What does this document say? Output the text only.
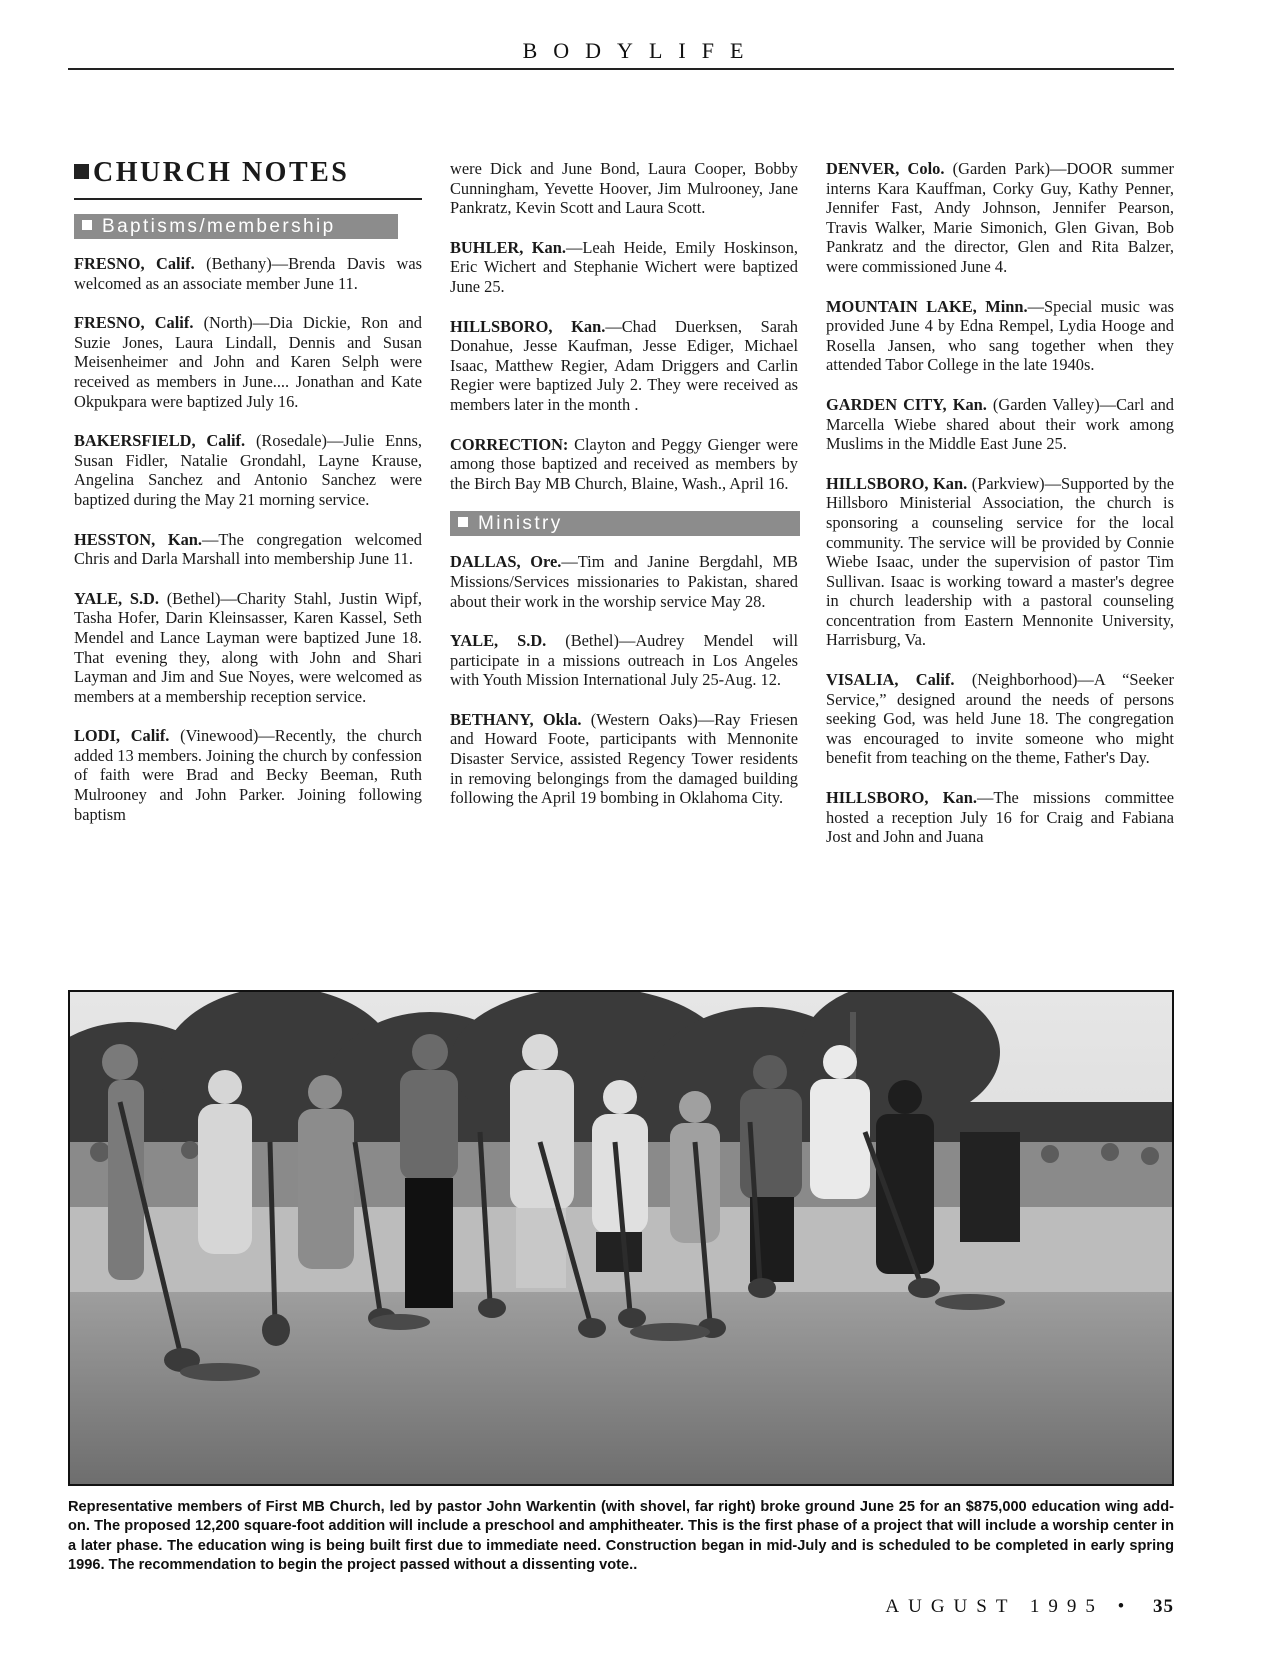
BODYLIFE
CHURCH NOTES
Baptisms/membership

FRESNO, Calif. (Bethany)—Brenda Davis was welcomed as an associate member June 11.

FRESNO, Calif. (North)—Dia Dickie, Ron and Suzie Jones, Laura Lindall, Dennis and Susan Meisenheimer and John and Karen Selph were received as members in June.... Jonathan and Kate Okpukpara were baptized July 16.

BAKERSFIELD, Calif. (Rosedale)—Julie Enns, Susan Fidler, Natalie Grondahl, Layne Krause, Angelina Sanchez and Antonio Sanchez were baptized during the May 21 morning service.

HESSTON, Kan.—The congregation welcomed Chris and Darla Marshall into membership June 11.

YALE, S.D. (Bethel)—Charity Stahl, Justin Wipf, Tasha Hofer, Darin Kleinsasser, Karen Kassel, Seth Mendel and Lance Layman were baptized June 18. That evening they, along with John and Shari Layman and Jim and Sue Noyes, were welcomed as members at a membership reception service.

LODI, Calif. (Vinewood)—Recently, the church added 13 members. Joining the church by confession of faith were Brad and Becky Beeman, Ruth Mulrooney and John Parker. Joining following baptism

were Dick and June Bond, Laura Cooper, Bobby Cunningham, Yevette Hoover, Jim Mulrooney, Jane Pankratz, Kevin Scott and Laura Scott.

BUHLER, Kan.—Leah Heide, Emily Hoskinson, Eric Wichert and Stephanie Wichert were baptized June 25.

HILLSBORO, Kan.—Chad Duerksen, Sarah Donahue, Jesse Kaufman, Jesse Ediger, Michael Isaac, Matthew Regier, Adam Driggers and Carlin Regier were baptized July 2. They were received as members later in the month .

CORRECTION: Clayton and Peggy Gienger were among those baptized and received as members by the Birch Bay MB Church, Blaine, Wash., April 16.

Ministry

DALLAS, Ore.—Tim and Janine Bergdahl, MB Missions/Services missionaries to Pakistan, shared about their work in the worship service May 28.

YALE, S.D. (Bethel)—Audrey Mendel will participate in a missions outreach in Los Angeles with Youth Mission International July 25-Aug. 12.

BETHANY, Okla. (Western Oaks)—Ray Friesen and Howard Foote, participants with Mennonite Disaster Service, assisted Regency Tower residents in removing belongings from the damaged building following the April 19 bombing in Oklahoma City.

DENVER, Colo. (Garden Park)—DOOR summer interns Kara Kauffman, Corky Guy, Kathy Penner, Jennifer Fast, Andy Johnson, Jennifer Pearson, Travis Walker, Marie Simonich, Glen Givan, Bob Pankratz and the director, Glen and Rita Balzer, were commissioned June 4.

MOUNTAIN LAKE, Minn.—Special music was provided June 4 by Edna Rempel, Lydia Hooge and Rosella Jansen, who sang together when they attended Tabor College in the late 1940s.

GARDEN CITY, Kan. (Garden Valley)—Carl and Marcella Wiebe shared about their work among Muslims in the Middle East June 25.

HILLSBORO, Kan. (Parkview)—Supported by the Hillsboro Ministerial Association, the church is sponsoring a counseling service for the local community. The service will be provided by Connie Wiebe Isaac, under the supervision of pastor Tim Sullivan. Isaac is working toward a master's degree in church leadership with a pastoral counseling concentration from Eastern Mennonite University, Harrisburg, Va.

VISALIA, Calif. (Neighborhood)—A “Seeker Service,” designed around the needs of persons seeking God, was held June 18. The congregation was encouraged to invite someone who might benefit from teaching on the theme, Father's Day.

HILLSBORO, Kan.—The missions committee hosted a reception July 16 for Craig and Fabiana Jost and John and Juana

Representative members of First MB Church, led by pastor John Warkentin (with shovel, far right) broke ground June 25 for an $875,000 education wing add-on. The proposed 12,200 square-foot addition will include a preschool and amphitheater. This is the first phase of a project that will include a worship center in a later phase. The education wing is being built first due to immediate need. Construction began in mid-July and is scheduled to be completed in early spring 1996. The recommendation to begin the project passed without a dissenting vote..
AUGUST 1995 • 35
